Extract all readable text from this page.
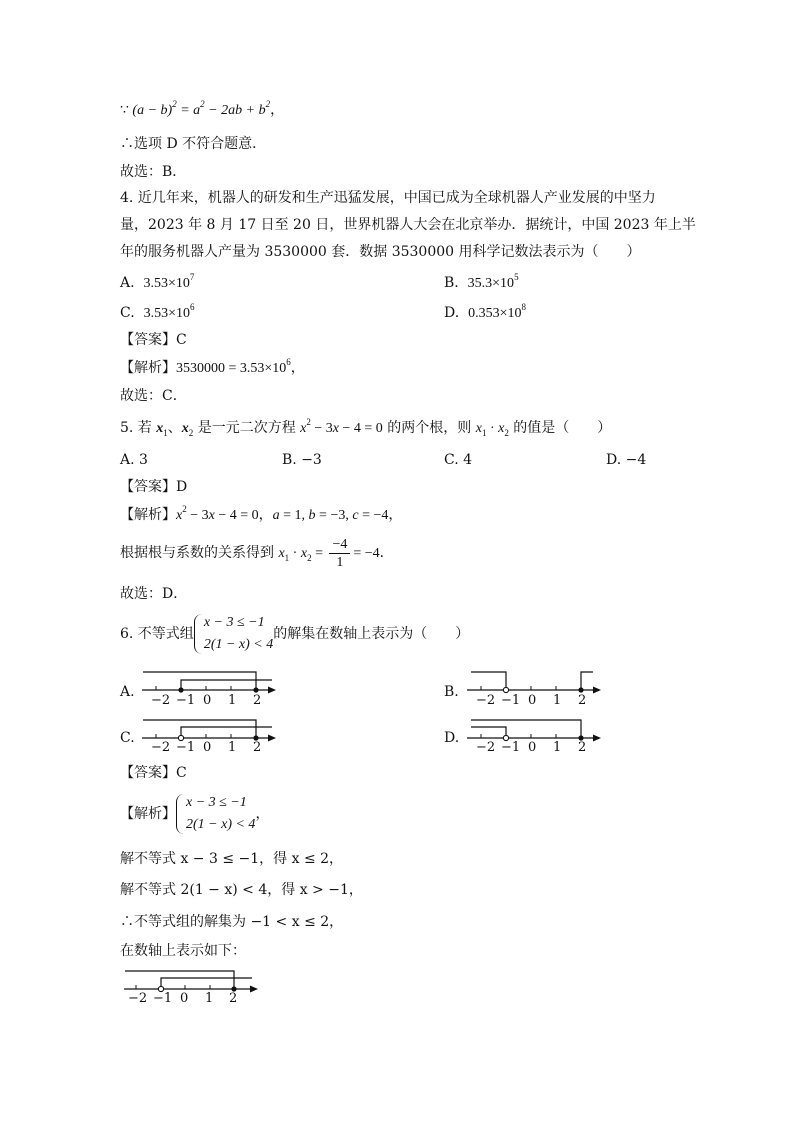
∵ $(a - b)^2 = a^2 - 2ab + b^2$，
∴选项 D 不符合题意．
故选：B．
4. 近几年来，机器人的研发和生产迅猛发展，中国已成为全球机器人产业发展的中坚力
量，2023 年 8 月 17 日至 20 日，世界机器人大会在北京举办．据统计，中国 2023 年上半
年的服务机器人产量为 3530000 套．数据 3530000 用科学记数法表示为（　　）
A. $3.53\times 10^7$	B. $35.3\times 10^5$
C. $3.53\times 10^6$	D. $0.353\times 10^8$
【答案】C
【解析】$3530000 = 3.53\times 10^6$，
故选：C．
5. 若 $x_1$、$x_2$ 是一元二次方程 $x^2 - 3x - 4 = 0$ 的两个根，则 $x_1 \cdot x_2$ 的值是（　　）
A. 3	B. −3	C. 4	D. −4
【答案】D
【解析】$x^2 - 3x - 4 = 0$，a = 1, b = −3, c = −4，
根据根与系数的关系得到 $x_1 \cdot x_2 = \frac{-4}{1} = -4$．
故选：D．
6. 不等式组
x − 3 ≤ −1
2(1 − x) < 4
的解集在数轴上表示为（　　）
A.
−2 −1 0 1 2
B.
−2 −1 0 1 2
C.
−2 −1 0 1 2
D.
−2 −1 0 1 2
【答案】C
【解析】
x − 3 ≤ −1
2(1 − x) < 4
，
解不等式 x − 3 ≤ −1，得 x ≤ 2，
解不等式 2(1 − x) < 4，得 x > −1，
∴不等式组的解集为 −1 < x ≤ 2，
在数轴上表示如下：
−2 −1 0 1 2
